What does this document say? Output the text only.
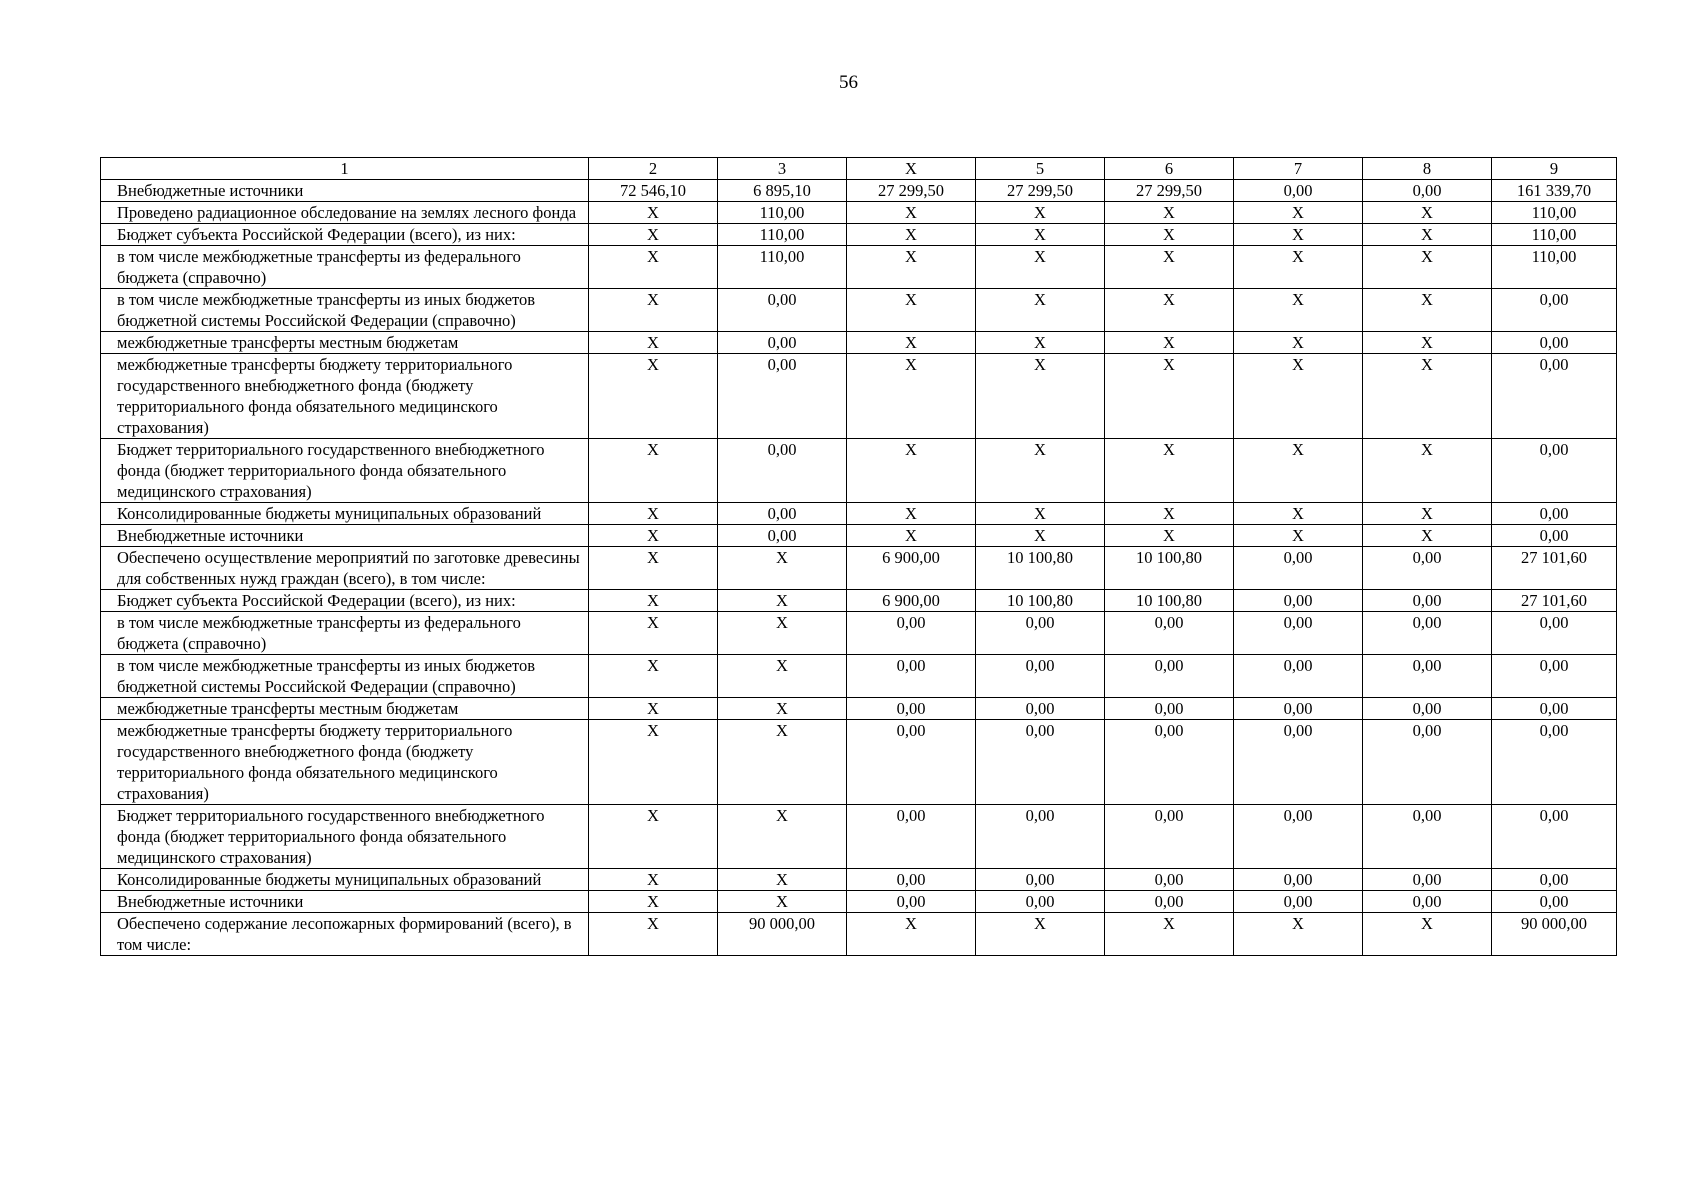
56
1	2	3	X	5	6	7	8	9
Внебюджетные источники	72 546,10	6 895,10	27 299,50	27 299,50	27 299,50	0,00	0,00	161 339,70
Проведено радиационное обследование на землях лесного фонда	X	110,00	X	X	X	X	X	110,00
Бюджет субъекта Российской Федерации (всего), из них:	X	110,00	X	X	X	X	X	110,00
в том числе межбюджетные трансферты из федерального бюджета (справочно)	X	110,00	X	X	X	X	X	110,00
в том числе межбюджетные трансферты из иных бюджетов бюджетной системы Российской Федерации (справочно)	X	0,00	X	X	X	X	X	0,00
межбюджетные трансферты местным бюджетам	X	0,00	X	X	X	X	X	0,00
межбюджетные трансферты бюджету территориального государственного внебюджетного фонда (бюджету территориального фонда обязательного медицинского страхования)	X	0,00	X	X	X	X	X	0,00
Бюджет территориального государственного внебюджетного фонда (бюджет территориального фонда обязательного медицинского страхования)	X	0,00	X	X	X	X	X	0,00
Консолидированные бюджеты муниципальных образований	X	0,00	X	X	X	X	X	0,00
Внебюджетные источники	X	0,00	X	X	X	X	X	0,00
Обеспечено осуществление мероприятий по заготовке древесины для собственных нужд граждан (всего), в том числе:	X	X	6 900,00	10 100,80	10 100,80	0,00	0,00	27 101,60
Бюджет субъекта Российской Федерации (всего), из них:	X	X	6 900,00	10 100,80	10 100,80	0,00	0,00	27 101,60
в том числе межбюджетные трансферты из федерального бюджета (справочно)	X	X	0,00	0,00	0,00	0,00	0,00	0,00
в том числе межбюджетные трансферты из иных бюджетов бюджетной системы Российской Федерации (справочно)	X	X	0,00	0,00	0,00	0,00	0,00	0,00
межбюджетные трансферты местным бюджетам	X	X	0,00	0,00	0,00	0,00	0,00	0,00
межбюджетные трансферты бюджету территориального государственного внебюджетного фонда (бюджету территориального фонда обязательного медицинского страхования)	X	X	0,00	0,00	0,00	0,00	0,00	0,00
Бюджет территориального государственного внебюджетного фонда (бюджет территориального фонда обязательного медицинского страхования)	X	X	0,00	0,00	0,00	0,00	0,00	0,00
Консолидированные бюджеты муниципальных образований	X	X	0,00	0,00	0,00	0,00	0,00	0,00
Внебюджетные источники	X	X	0,00	0,00	0,00	0,00	0,00	0,00
Обеспечено содержание лесопожарных формирований (всего), в том числе:	X	90 000,00	X	X	X	X	X	90 000,00
